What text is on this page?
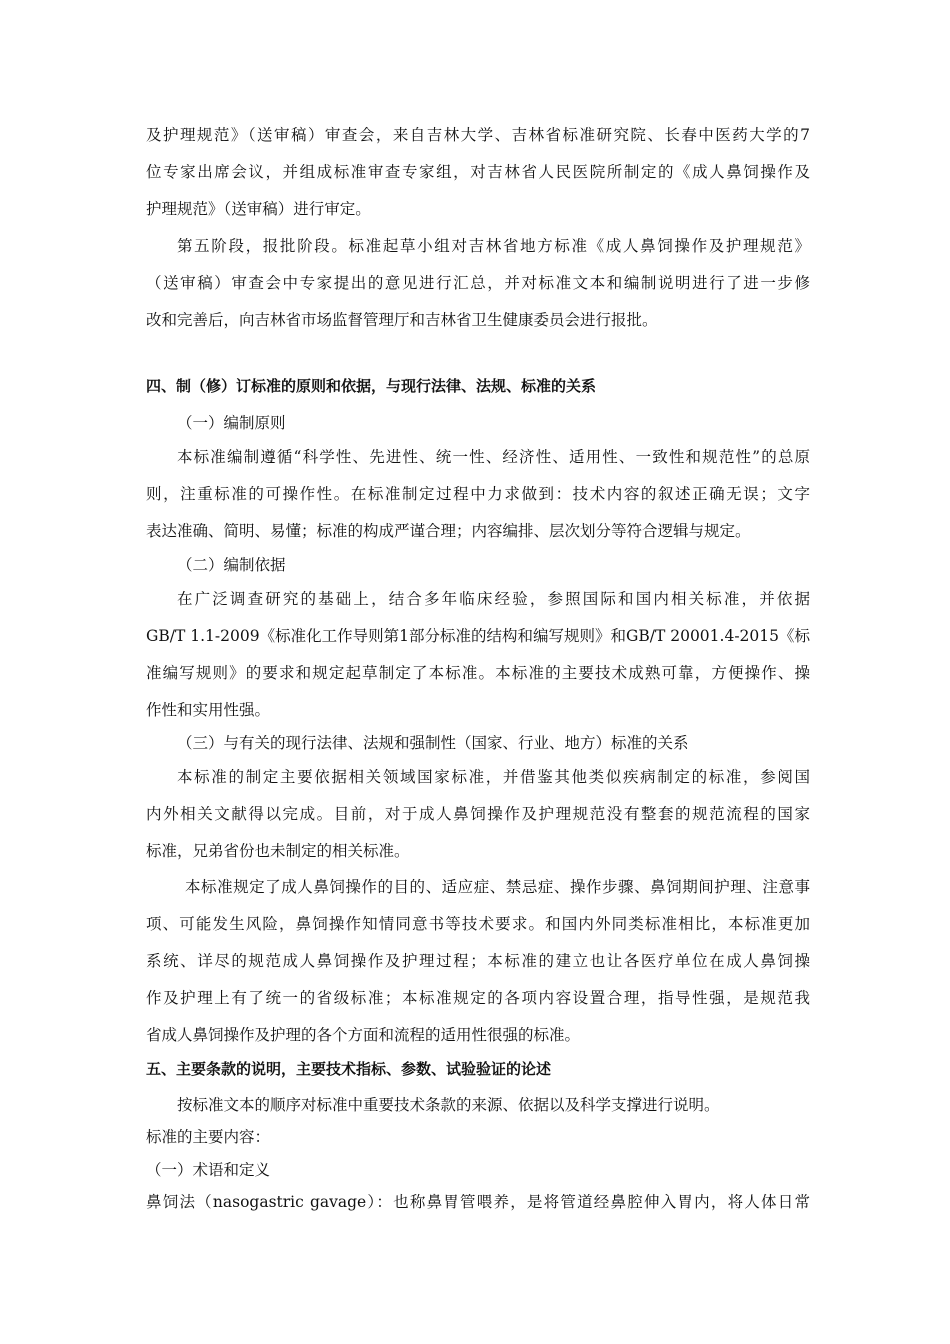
及护理规范》（送审稿）审查会，来自吉林大学、吉林省标准研究院、长春中医药大学的7
位专家出席会议，并组成标准审查专家组，对吉林省人民医院所制定的《成人鼻饲操作及
护理规范》（送审稿）进行审定。
第五阶段，报批阶段。标准起草小组对吉林省地方标准《成人鼻饲操作及护理规范》
（送审稿）审查会中专家提出的意见进行汇总，并对标准文本和编制说明进行了进一步修
改和完善后，向吉林省市场监督管理厅和吉林省卫生健康委员会进行报批。
四、制（修）订标准的原则和依据，与现行法律、法规、标准的关系
（一）编制原则
本标准编制遵循“科学性、先进性、统一性、经济性、适用性、一致性和规范性”的总原
则，注重标准的可操作性。在标准制定过程中力求做到：技术内容的叙述正确无误；文字
表达准确、简明、易懂；标准的构成严谨合理；内容编排、层次划分等符合逻辑与规定。
（二）编制依据
在广泛调查研究的基础上，结合多年临床经验，参照国际和国内相关标准，并依据
GB/T 1.1-2009《标准化工作导则第1部分标准的结构和编写规则》和GB/T 20001.4-2015《标
准编写规则》的要求和规定起草制定了本标准。本标准的主要技术成熟可靠，方便操作、操
作性和实用性强。
（三）与有关的现行法律、法规和强制性（国家、行业、地方）标准的关系
本标准的制定主要依据相关领域国家标准，并借鉴其他类似疾病制定的标准，参阅国
内外相关文献得以完成。目前，对于成人鼻饲操作及护理规范没有整套的规范流程的国家
标准，兄弟省份也未制定的相关标准。
本标准规定了成人鼻饲操作的目的、适应症、禁忌症、操作步骤、鼻饲期间护理、注意事
项、可能发生风险，鼻饲操作知情同意书等技术要求。和国内外同类标准相比，本标准更加
系统、详尽的规范成人鼻饲操作及护理过程；本标准的建立也让各医疗单位在成人鼻饲操
作及护理上有了统一的省级标准；本标准规定的各项内容设置合理，指导性强，是规范我
省成人鼻饲操作及护理的各个方面和流程的适用性很强的标准。
五、主要条款的说明，主要技术指标、参数、试验验证的论述
按标准文本的顺序对标准中重要技术条款的来源、依据以及科学支撑进行说明。
标准的主要内容：
（一）术语和定义
鼻饲法（nasogastric gavage）：也称鼻胃管喂养，是将管道经鼻腔伸入胃内，将人体日常
